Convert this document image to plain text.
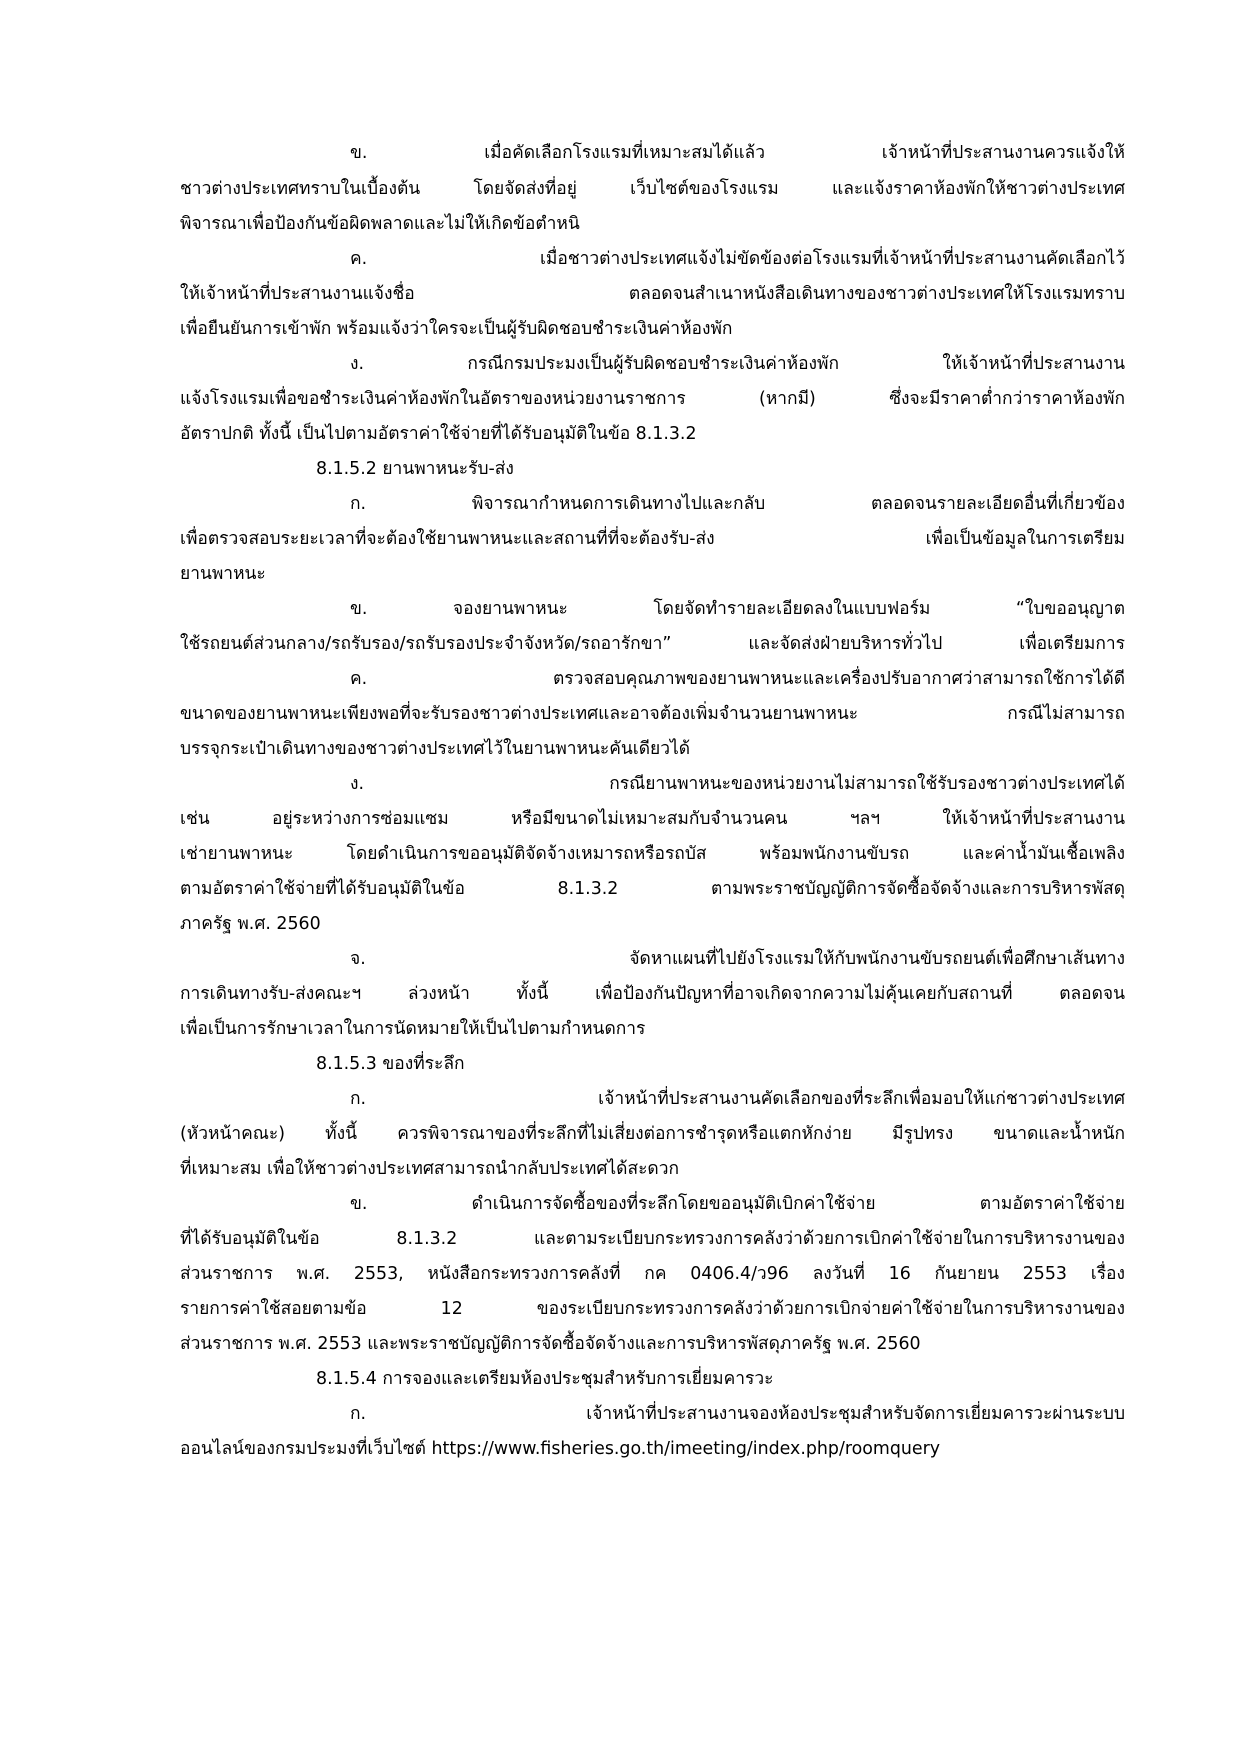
ข. เมื่อคัดเลือกโรงแรมที่เหมาะสมได้แล้ว เจ้าหน้าที่ประสานงานควรแจ้งให้
ชาวต่างประเทศทราบในเบื้องต้น โดยจัดส่งที่อยู่ เว็บไซต์ของโรงแรม และแจ้งราคาห้องพักให้ชาวต่างประเทศ
พิจารณาเพื่อป้องกันข้อผิดพลาดและไม่ให้เกิดข้อตำหนิ
ค. เมื่อชาวต่างประเทศแจ้งไม่ขัดข้องต่อโรงแรมที่เจ้าหน้าที่ประสานงานคัดเลือกไว้
ให้เจ้าหน้าที่ประสานงานแจ้งชื่อ ตลอดจนสำเนาหนังสือเดินทางของชาวต่างประเทศให้โรงแรมทราบ
เพื่อยืนยันการเข้าพัก พร้อมแจ้งว่าใครจะเป็นผู้รับผิดชอบชำระเงินค่าห้องพัก
ง. กรณีกรมประมงเป็นผู้รับผิดชอบชำระเงินค่าห้องพัก ให้เจ้าหน้าที่ประสานงาน
แจ้งโรงแรมเพื่อขอชำระเงินค่าห้องพักในอัตราของหน่วยงานราชการ (หากมี) ซึ่งจะมีราคาต่ำกว่าราคาห้องพัก
อัตราปกติ ทั้งนี้ เป็นไปตามอัตราค่าใช้จ่ายที่ได้รับอนุมัติในข้อ 8.1.3.2
8.1.5.2 ยานพาหนะรับ-ส่ง
ก. พิจารณากำหนดการเดินทางไปและกลับ ตลอดจนรายละเอียดอื่นที่เกี่ยวข้อง
เพื่อตรวจสอบระยะเวลาที่จะต้องใช้ยานพาหนะและสถานที่ที่จะต้องรับ-ส่ง เพื่อเป็นข้อมูลในการเตรียม
ยานพาหนะ
ข. จองยานพาหนะ โดยจัดทำรายละเอียดลงในแบบฟอร์ม “ใบขออนุญาต
ใช้รถยนต์ส่วนกลาง/รถรับรอง/รถรับรองประจำจังหวัด/รถอารักขา” และจัดส่งฝ่ายบริหารทั่วไป เพื่อเตรียมการ
ค. ตรวจสอบคุณภาพของยานพาหนะและเครื่องปรับอากาศว่าสามารถใช้การได้ดี
ขนาดของยานพาหนะเพียงพอที่จะรับรองชาวต่างประเทศและอาจต้องเพิ่มจำนวนยานพาหนะ กรณีไม่สามารถ
บรรจุกระเป๋าเดินทางของชาวต่างประเทศไว้ในยานพาหนะคันเดียวได้
ง. กรณียานพาหนะของหน่วยงานไม่สามารถใช้รับรองชาวต่างประเทศได้
เช่น อยู่ระหว่างการซ่อมแซม หรือมีขนาดไม่เหมาะสมกับจำนวนคน ฯลฯ ให้เจ้าหน้าที่ประสานงาน
เช่ายานพาหนะ โดยดำเนินการขออนุมัติจัดจ้างเหมารถหรือรถบัส พร้อมพนักงานขับรถ และค่าน้ำมันเชื้อเพลิง
ตามอัตราค่าใช้จ่ายที่ได้รับอนุมัติในข้อ 8.1.3.2 ตามพระราชบัญญัติการจัดซื้อจัดจ้างและการบริหารพัสดุ
ภาครัฐ พ.ศ. 2560
จ. จัดหาแผนที่ไปยังโรงแรมให้กับพนักงานขับรถยนต์เพื่อศึกษาเส้นทาง
การเดินทางรับ-ส่งคณะฯ ล่วงหน้า ทั้งนี้ เพื่อป้องกันปัญหาที่อาจเกิดจากความไม่คุ้นเคยกับสถานที่ ตลอดจน
เพื่อเป็นการรักษาเวลาในการนัดหมายให้เป็นไปตามกำหนดการ
8.1.5.3 ของที่ระลึก
ก. เจ้าหน้าที่ประสานงานคัดเลือกของที่ระลึกเพื่อมอบให้แก่ชาวต่างประเทศ
(หัวหน้าคณะ) ทั้งนี้ ควรพิจารณาของที่ระลึกที่ไม่เสี่ยงต่อการชำรุดหรือแตกหักง่าย มีรูปทรง ขนาดและน้ำหนัก
ที่เหมาะสม เพื่อให้ชาวต่างประเทศสามารถนำกลับประเทศได้สะดวก
ข. ดำเนินการจัดซื้อของที่ระลึกโดยขออนุมัติเบิกค่าใช้จ่าย ตามอัตราค่าใช้จ่าย
ที่ได้รับอนุมัติในข้อ 8.1.3.2 และตามระเบียบกระทรวงการคลังว่าด้วยการเบิกค่าใช้จ่ายในการบริหารงานของ
ส่วนราชการ พ.ศ. 2553, หนังสือกระทรวงการคลังที่ กค 0406.4/ว96 ลงวันที่ 16 กันยายน 2553 เรื่อง
รายการค่าใช้สอยตามข้อ 12 ของระเบียบกระทรวงการคลังว่าด้วยการเบิกจ่ายค่าใช้จ่ายในการบริหารงานของ
ส่วนราชการ พ.ศ. 2553 และพระราชบัญญัติการจัดซื้อจัดจ้างและการบริหารพัสดุภาครัฐ พ.ศ. 2560
8.1.5.4 การจองและเตรียมห้องประชุมสำหรับการเยี่ยมคารวะ
ก. เจ้าหน้าที่ประสานงานจองห้องประชุมสำหรับจัดการเยี่ยมคารวะผ่านระบบ
ออนไลน์ของกรมประมงที่เว็บไซต์ https://www.fisheries.go.th/imeeting/index.php/roomquery
